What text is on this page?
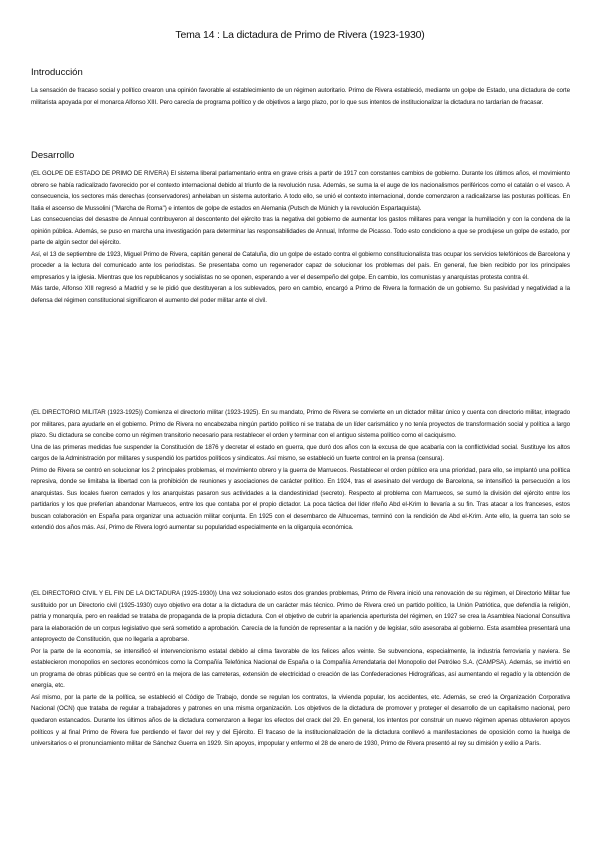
Tema 14 : La dictadura de Primo de Rivera (1923-1930)
Introducción

La sensación de fracaso social y político crearon una opinión favorable al establecimiento de un régimen autoritario. Primo de Rivera estableció, mediante un golpe de Estado, una dictadura de corte militarista apoyada por el monarca Alfonso XIII. Pero carecía de programa político y de objetivos a largo plazo, por lo que sus intentos de institucionalizar la dictadura no tardarían de fracasar.

Desarrollo

(EL GOLPE DE ESTADO DE PRIMO DE RIVERA) El sistema liberal parlamentario entra en grave crisis a partir de 1917 con constantes cambios de gobierno. Durante los últimos años, el movimiento obrero se había radicalizado favorecido por el contexto internacional debido al triunfo de la revolución rusa. Además, se suma la el auge de los nacionalismos periféricos como el catalán o el vasco. A consecuencia, los sectores más derechas (conservadores) anhelaban un sistema autoritario. A todo ello, se unió el contexto internacional, donde comenzaron a radicalizarse las posturas políticas. En Italia el ascenso de Mussolini ("Marcha de Roma") e intentos de golpe de estados en Alemania (Putsch de Múnich y la revolución Espartaquista).

Las consecuencias del desastre de Annual contribuyeron al descontento del ejército tras la negativa del gobierno de aumentar los gastos militares para vengar la humillación y con la condena de la opinión pública. Además, se puso en marcha una investigación para determinar las responsabilidades de Annual, Informe de Picasso. Todo esto condiciono a que se produjese un golpe de estado, por parte de algún sector del ejército.

Así, el 13 de septiembre de 1923, Miguel Primo de Rivera, capitán general de Cataluña, dio un golpe de estado contra el gobierno constitucionalista tras ocupar los servicios telefónicos de Barcelona y proceder a la lectura del comunicado ante los periodistas. Se presentaba como un regenerador capaz de solucionar los problemas del país. En general, fue bien recibido por los principales empresarios y la iglesia. Mientras que los republicanos y socialistas no se oponen, esperando a ver el desempeño del golpe. En cambio, los comunistas y anarquistas protesta contra él.

Más tarde, Alfonso XIII regresó a Madrid y se le pidió que destituyeran a los sublevados, pero en cambio, encargó a Primo de Rivera la formación de un gobierno. Su pasividad y negatividad a la defensa del régimen constitucional significaron el aumento del poder militar ante el civil.

(EL DIRECTORIO MILITAR (1923-1925)) Comienza el directorio militar (1923-1925). En su mandato, Primo de Rivera se convierte en un dictador militar único y cuenta con directorio militar, integrado por militares, para ayudarle en el gobierno. Primo de Rivera no encabezaba ningún partido político ni se trataba de un líder carismático y no tenía proyectos de transformación social y política a largo plazo. Su dictadura se concibe como un régimen transitorio necesario para restablecer el orden y terminar con el antiguo sistema político como el caciquismo.

Una de las primeras medidas fue suspender la Constitución de 1876 y decretar el estado en guerra, que duró dos años con la excusa de que acabaría con la conflictividad social. Sustituye los altos cargos de la Administración por militares y suspendió los partidos políticos y sindicatos. Así mismo, se estableció un fuerte control en la prensa (censura).

Primo de Rivera se centró en solucionar los 2 principales problemas, el movimiento obrero y la guerra de Marruecos. Restablecer el orden público era una prioridad, para ello, se implantó una política represiva, donde se limitaba la libertad con la prohibición de reuniones y asociaciones de carácter político. En 1924, tras el asesinato del verdugo de Barcelona, se intensificó la persecución a los anarquistas. Sus locales fueron cerrados y los anarquistas pasaron sus actividades a la clandestinidad (secreto). Respecto al problema con Marruecos, se sumó la división del ejército entre los partidarios y los que preferían abandonar Marruecos, entre los que contaba por el propio dictador. La poca táctica del líder rifeño Abd el-Krim lo llevaría a su fin. Tras atacar a los franceses, estos buscan colaboración en España para organizar una actuación militar conjunta. En 1925 con el desembarco de Alhucemas, terminó con la rendición de Abd el-Krim. Ante ello, la guerra tan solo se extendió dos años más. Así, Primo de Rivera logró aumentar su popularidad especialmente en la oligarquía económica.

(EL DIRECTORIO CIVIL Y EL FIN DE LA DICTADURA (1925-1930)) Una vez solucionado estos dos grandes problemas, Primo de Rivera inició una renovación de su régimen, el Directorio Militar fue sustituido por un Directorio civil (1925-1930) cuyo objetivo era dotar a la dictadura de un carácter más técnico. Primo de Rivera creó un partido político, la Unión Patriótica, que defendía la religión, patria y monarquía, pero en realidad se trataba de propaganda de la propia dictadura. Con el objetivo de cubrir la apariencia aperturista del régimen, en 1927 se crea la Asamblea Nacional Consultiva para la elaboración de un corpus legislativo que será sometido a aprobación. Carecía de la función de representar a la nación y de legislar, sólo asesoraba al gobierno. Esta asamblea presentará una anteproyecto de Constitución, que no llegaría a aprobarse.

Por la parte de la economía, se intensificó el intervencionismo estatal debido al clima favorable de los felices años veinte. Se subvenciona, especialmente, la industria ferroviaria y naviera. Se establecieron monopolios en sectores económicos como la Compañía Telefónica Nacional de España o la Compañía Arrendataria del Monopolio del Petróleo S.A. (CAMPSA). Además, se invirtió en un programa de obras públicas que se centró en la mejora de las carreteras, extensión de electricidad o creación de las Confederaciones Hidrográficas, así aumentando el regadío y la obtención de energía, etc.

Así mismo, por la parte de la política, se estableció el Código de Trabajo, donde se regulan los contratos, la vivienda popular, los accidentes, etc. Además, se creó la Organización Corporativa Nacional (OCN) que trataba de regular a trabajadores y patrones en una misma organización. Los objetivos de la dictadura de promover y proteger el desarrollo de un capitalismo nacional, pero quedaron estancados. Durante los últimos años de la dictadura comenzaron a llegar los efectos del crack del 29. En general, los intentos por construir un nuevo régimen apenas obtuvieron apoyos políticos y al final Primo de Rivera fue perdiendo el favor del rey y del Ejército. El fracaso de la institucionalización de la dictadura conllevó a manifestaciones de oposición como la huelga de universitarios o el pronunciamiento militar de Sánchez Guerra en 1929. Sin apoyos, impopular y enfermo el 28 de enero de 1930, Primo de Rivera presentó al rey su dimisión y exilio a París.
